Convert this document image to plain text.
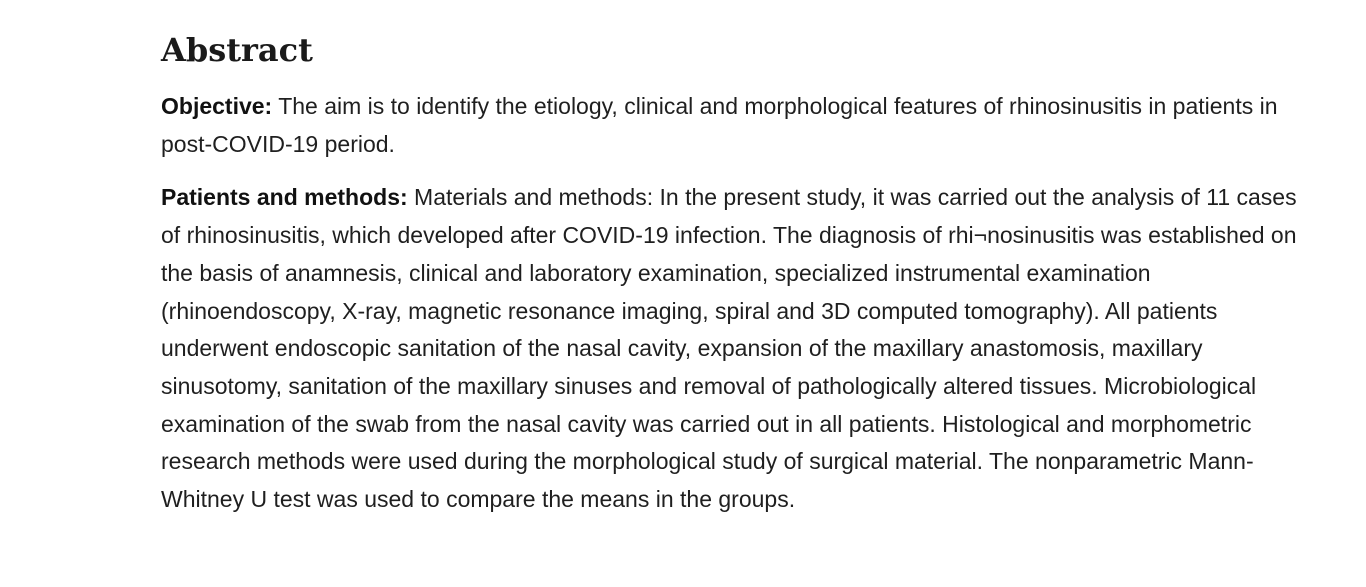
Abstract

Objective: The aim is to identify the etiology, clinical and morphological features of rhinosinusitis in patients in post-COVID-19 period.

Patients and methods: Materials and methods: In the present study, it was carried out the analysis of 11 cases of rhinosinusitis, which developed after COVID-19 infection. The diagnosis of rhi¬nosinusitis was established on the basis of anamnesis, clinical and laboratory examination, specialized instrumental examination (rhinoendoscopy, X-ray, magnetic resonance imaging, spiral and 3D computed tomography). All patients underwent endoscopic sanitation of the nasal cavity, expansion of the maxillary anastomosis, maxillary sinusotomy, sanitation of the maxillary sinuses and removal of pathologically altered tissues. Microbiological examination of the swab from the nasal cavity was carried out in all patients. Histological and morphometric research methods were used during the morphological study of surgical material. The nonparametric Mann-Whitney U test was used to compare the means in the groups.
